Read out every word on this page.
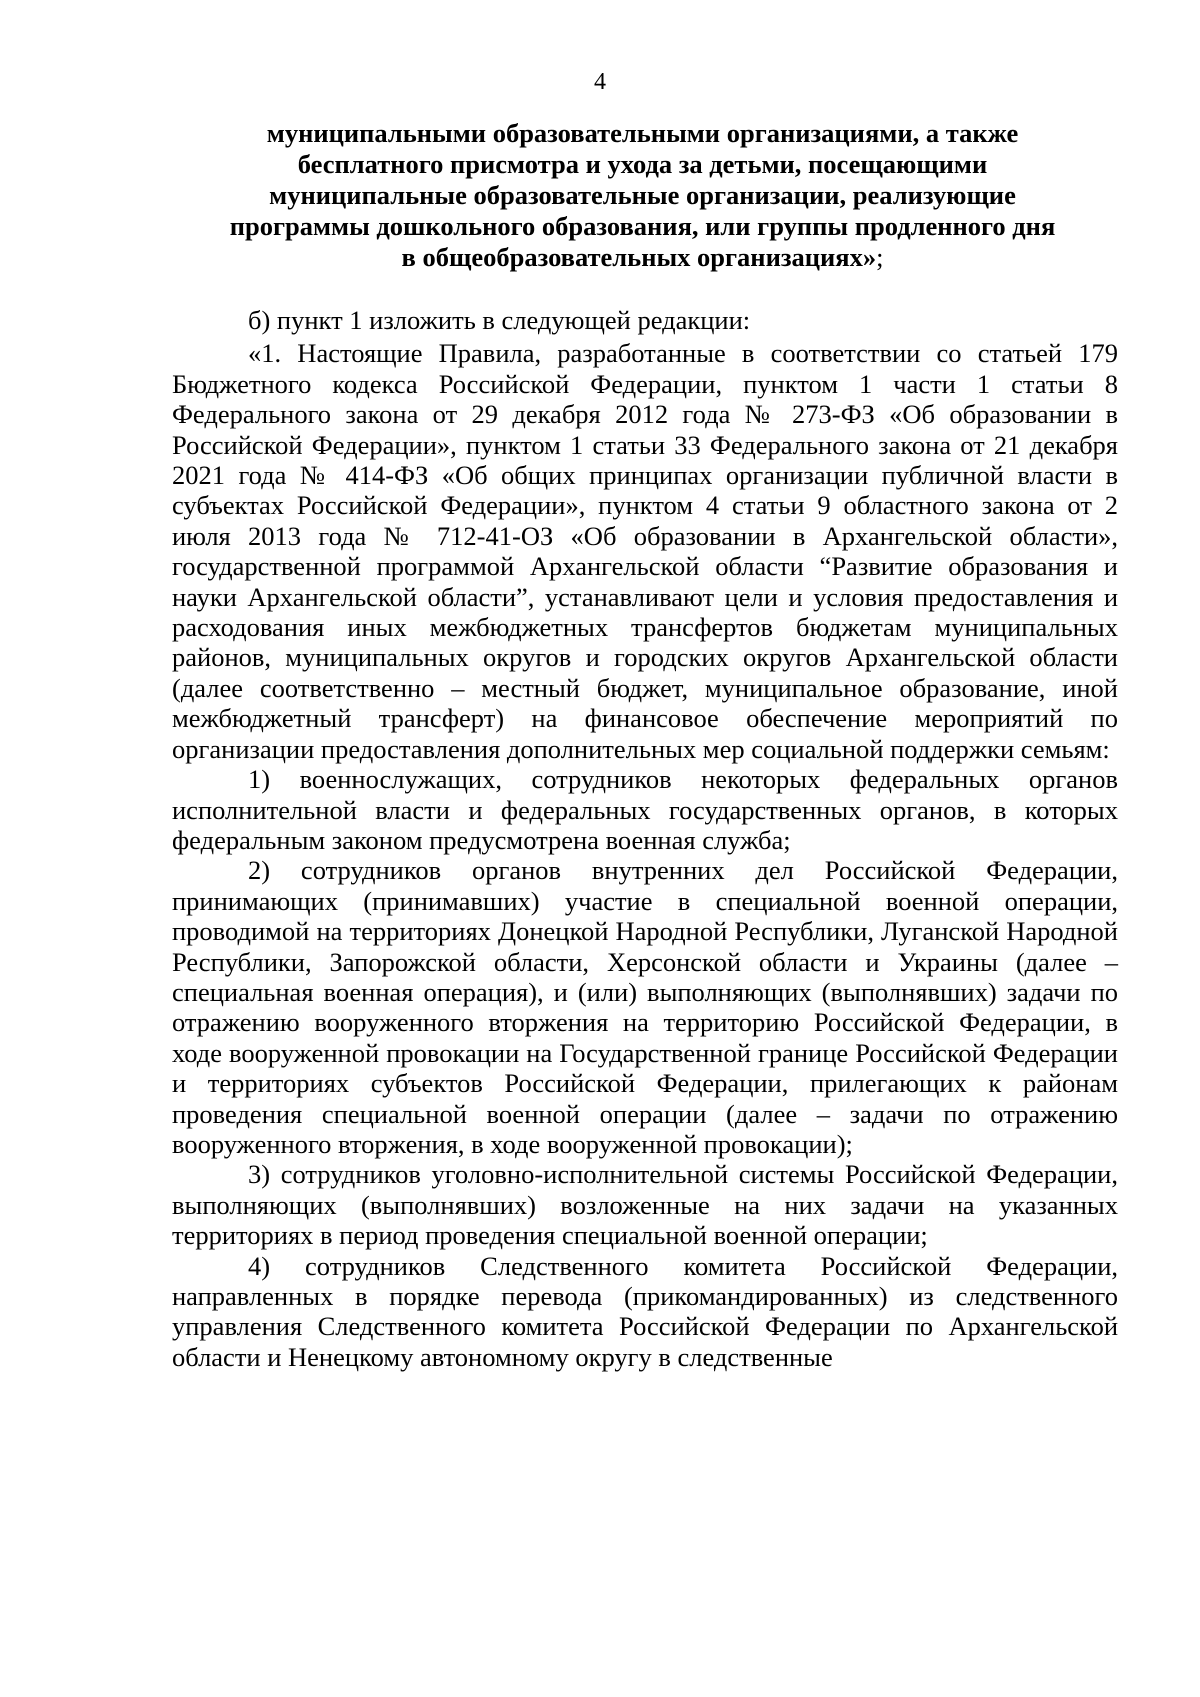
4
муниципальными образовательными организациями, а также
бесплатного присмотра и ухода за детьми, посещающими
муниципальные образовательные организации, реализующие
программы дошкольного образования, или группы продленного дня
в общеобразовательных организациях»;

б) пункт 1 изложить в следующей редакции:

«1. Настоящие Правила, разработанные в соответствии со статьей 179 Бюджетного кодекса Российской Федерации, пунктом 1 части 1 статьи 8 Федерального закона от 29 декабря 2012 года № 273-ФЗ «Об образовании в Российской Федерации», пунктом 1 статьи 33 Федерального закона от 21 декабря 2021 года № 414-ФЗ «Об общих принципах организации публичной власти в субъектах Российской Федерации», пунктом 4 статьи 9 областного закона от 2 июля 2013 года № 712-41-ОЗ «Об образовании в Архангельской области», государственной программой Архангельской области “Развитие образования и науки Архангельской области”, устанавливают цели и условия предоставления и расходования иных межбюджетных трансфертов бюджетам муниципальных районов, муниципальных округов и городских округов Архангельской области (далее соответственно – местный бюджет, муниципальное образование, иной межбюджетный трансферт) на финансовое обеспечение мероприятий по организации предоставления дополнительных мер социальной поддержки семьям:

1) военнослужащих, сотрудников некоторых федеральных органов исполнительной власти и федеральных государственных органов, в которых федеральным законом предусмотрена военная служба;

2) сотрудников органов внутренних дел Российской Федерации, принимающих (принимавших) участие в специальной военной операции, проводимой на территориях Донецкой Народной Республики, Луганской Народной Республики, Запорожской области, Херсонской области и Украины (далее – специальная военная операция), и (или) выполняющих (выполнявших) задачи по отражению вооруженного вторжения на территорию Российской Федерации, в ходе вооруженной провокации на Государственной границе Российской Федерации и территориях субъектов Российской Федерации, прилегающих к районам проведения специальной военной операции (далее – задачи по отражению вооруженного вторжения, в ходе вооруженной провокации);

3) сотрудников уголовно-исполнительной системы Российской Федерации, выполняющих (выполнявших) возложенные на них задачи на указанных территориях в период проведения специальной военной операции;

4) сотрудников Следственного комитета Российской Федерации, направленных в порядке перевода (прикомандированных) из следственного управления Следственного комитета Российской Федерации по Архангельской области и Ненецкому автономному округу в следственные
